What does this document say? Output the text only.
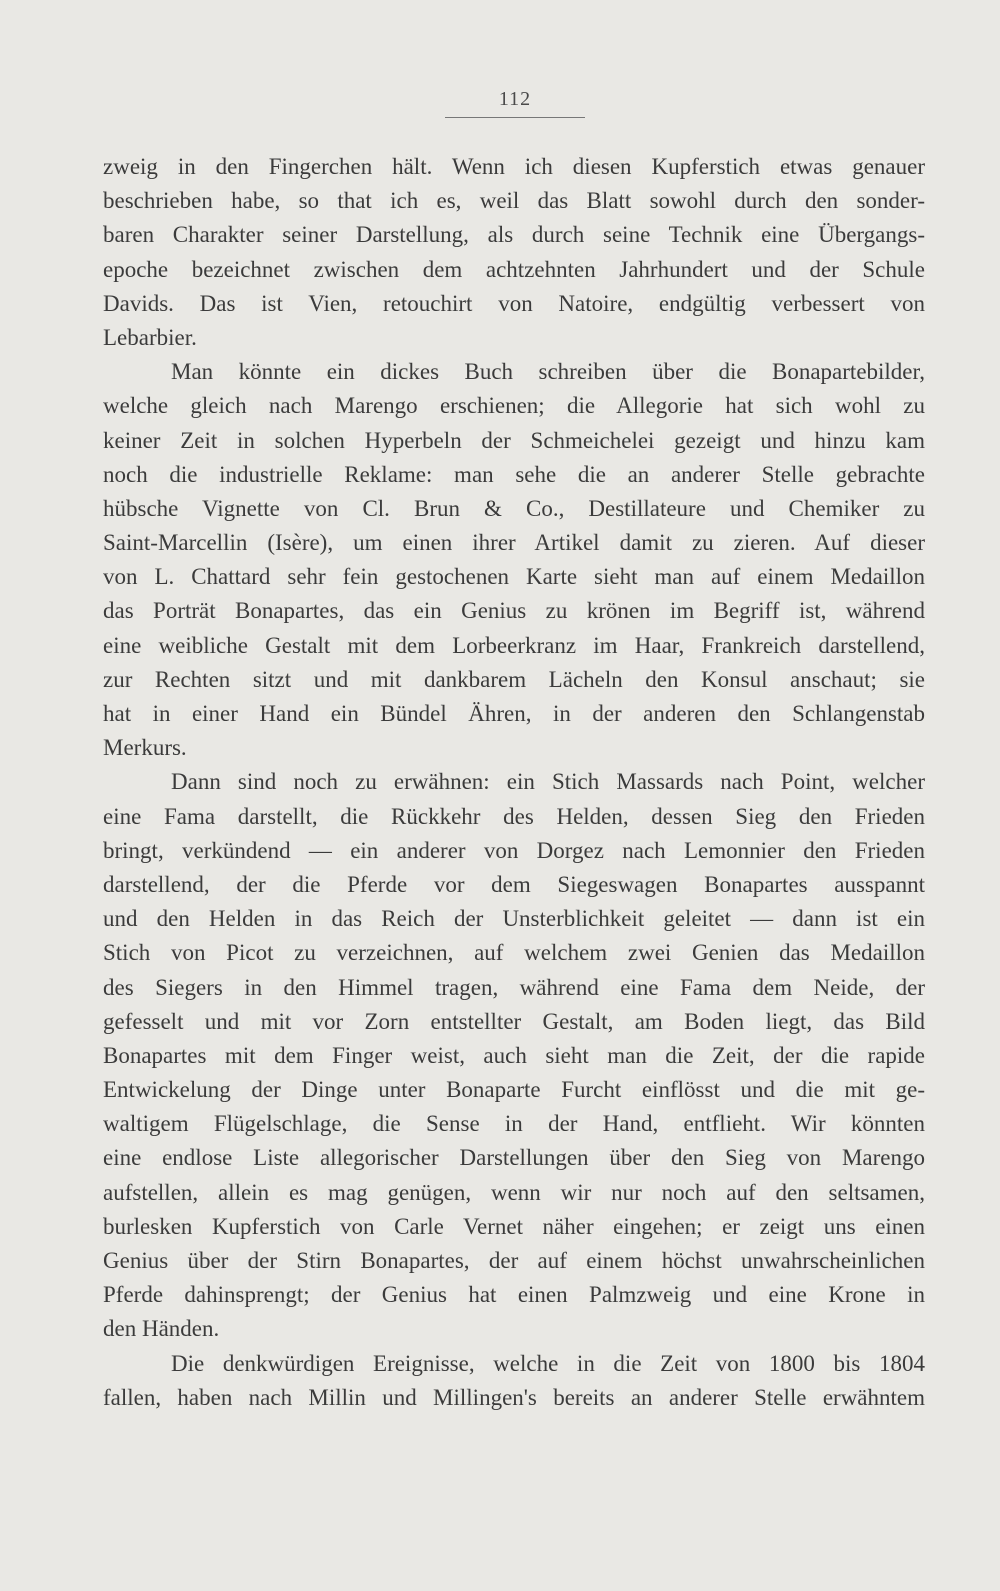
112
zweig in den Fingerchen hält. Wenn ich diesen Kupferstich etwas genauer
beschrieben habe, so that ich es, weil das Blatt sowohl durch den sonder-
baren Charakter seiner Darstellung, als durch seine Technik eine Übergangs-
epoche bezeichnet zwischen dem achtzehnten Jahrhundert und der Schule
Davids. Das ist Vien, retouchirt von Natoire, endgültig verbessert von
Lebarbier.
Man könnte ein dickes Buch schreiben über die Bonapartebilder,
welche gleich nach Marengo erschienen; die Allegorie hat sich wohl zu
keiner Zeit in solchen Hyperbeln der Schmeichelei gezeigt und hinzu kam
noch die industrielle Reklame: man sehe die an anderer Stelle gebrachte
hübsche Vignette von Cl. Brun & Co., Destillateure und Chemiker zu
Saint-Marcellin (Isère), um einen ihrer Artikel damit zu zieren. Auf dieser
von L. Chattard sehr fein gestochenen Karte sieht man auf einem Medaillon
das Porträt Bonapartes, das ein Genius zu krönen im Begriff ist, während
eine weibliche Gestalt mit dem Lorbeerkranz im Haar, Frankreich darstellend,
zur Rechten sitzt und mit dankbarem Lächeln den Konsul anschaut; sie
hat in einer Hand ein Bündel Ähren, in der anderen den Schlangenstab
Merkurs.
Dann sind noch zu erwähnen: ein Stich Massards nach Point, welcher
eine Fama darstellt, die Rückkehr des Helden, dessen Sieg den Frieden
bringt, verkündend — ein anderer von Dorgez nach Lemonnier den Frieden
darstellend, der die Pferde vor dem Siegeswagen Bonapartes ausspannt
und den Helden in das Reich der Unsterblichkeit geleitet — dann ist ein
Stich von Picot zu verzeichnen, auf welchem zwei Genien das Medaillon
des Siegers in den Himmel tragen, während eine Fama dem Neide, der
gefesselt und mit vor Zorn entstellter Gestalt, am Boden liegt, das Bild
Bonapartes mit dem Finger weist, auch sieht man die Zeit, der die rapide
Entwickelung der Dinge unter Bonaparte Furcht einflösst und die mit ge-
waltigem Flügelschlage, die Sense in der Hand, entflieht. Wir könnten
eine endlose Liste allegorischer Darstellungen über den Sieg von Marengo
aufstellen, allein es mag genügen, wenn wir nur noch auf den seltsamen,
burlesken Kupferstich von Carle Vernet näher eingehen; er zeigt uns einen
Genius über der Stirn Bonapartes, der auf einem höchst unwahrscheinlichen
Pferde dahinsprengt; der Genius hat einen Palmzweig und eine Krone in
den Händen.
Die denkwürdigen Ereignisse, welche in die Zeit von 1800 bis 1804
fallen, haben nach Millin und Millingen's bereits an anderer Stelle erwähntem
